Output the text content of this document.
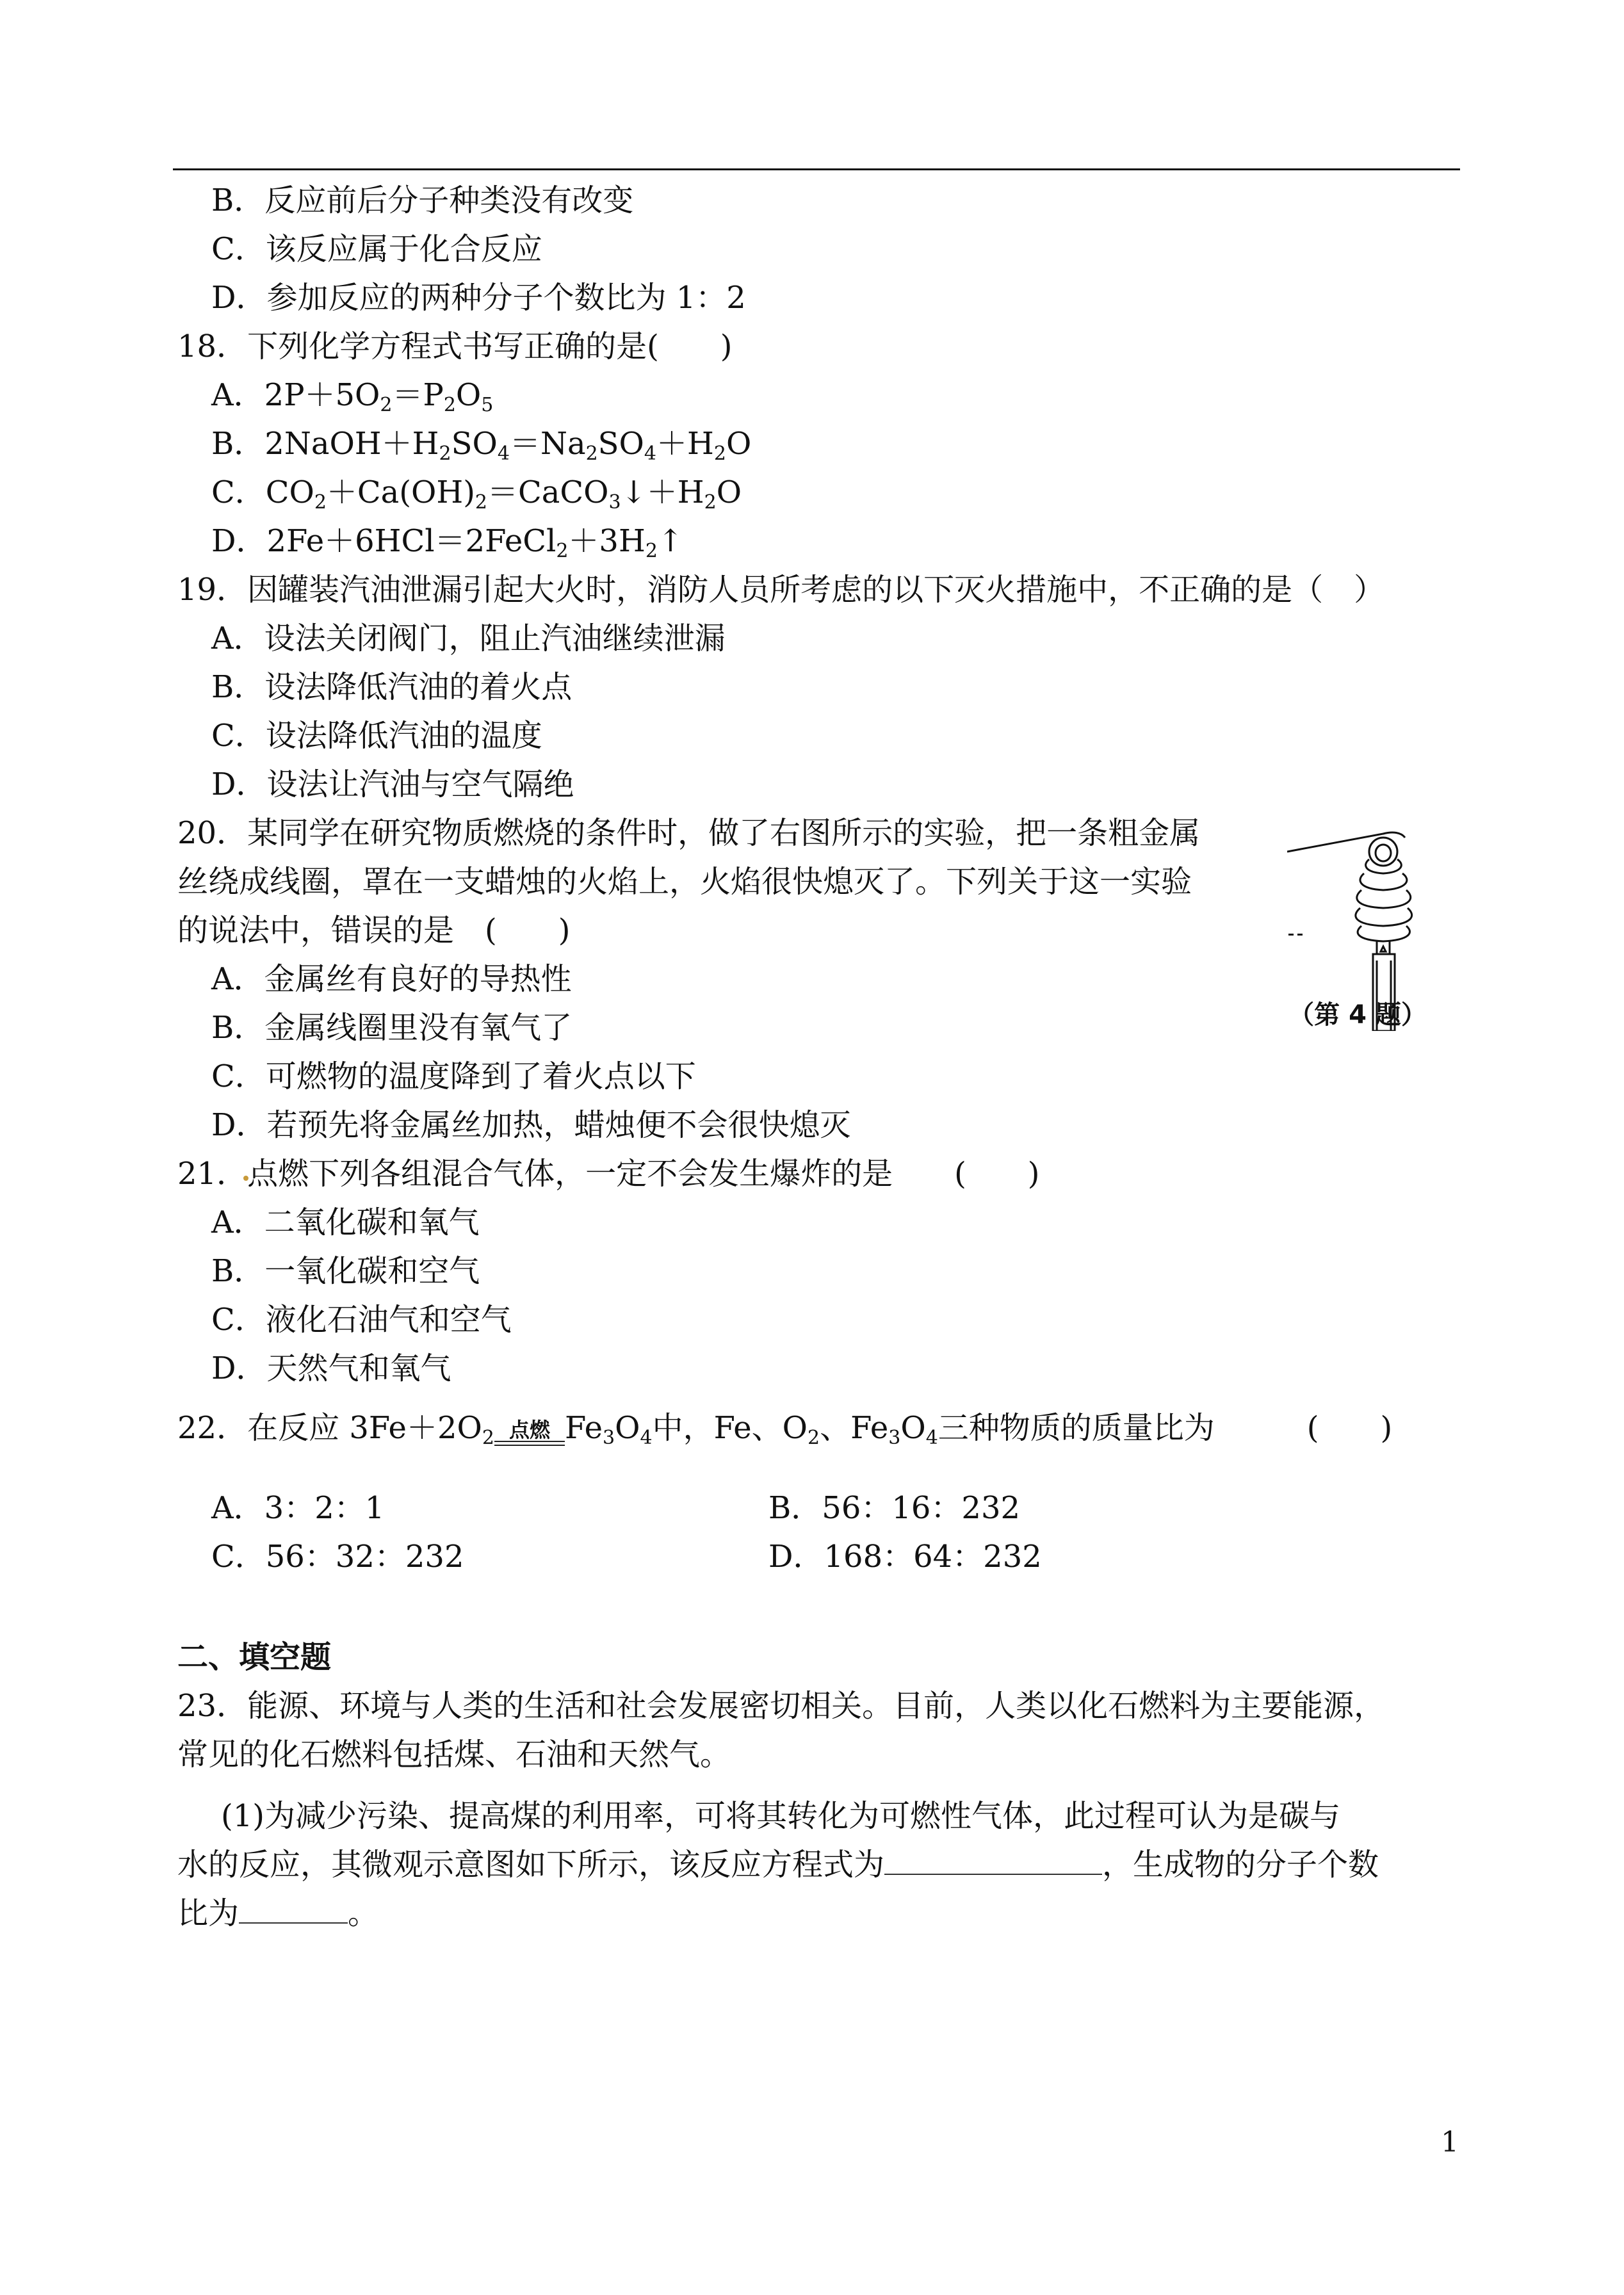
B．反应前后分子种类没有改变
C．该反应属于化合反应
D．参加反应的两种分子个数比为 1：2
18．下列化学方程式书写正确的是(　　)
A．$2P+5O_2=P_2O_5$
B．$2NaOH+H_2SO_4=Na_2SO_4+H_2O$
C．$CO_2+Ca(OH)_2=CaCO_3↓+H_2O$
D．$2Fe+6HCl=2FeCl_2+3H_2↑$
19．因罐装汽油泄漏引起大火时，消防人员所考虑的以下灭火措施中，不正确的是（　）
A．设法关闭阀门，阻止汽油继续泄漏
B．设法降低汽油的着火点
C．设法降低汽油的温度
D．设法让汽油与空气隔绝
20．某同学在研究物质燃烧的条件时，做了右图所示的实验，把一条粗金属
丝绕成线圈，罩在一支蜡烛的火焰上，火焰很快熄灭了。下列关于这一实验
的说法中，错误的是　(　　)
A．金属丝有良好的导热性
B．金属线圈里没有氧气了
C．可燃物的温度降到了着火点以下
D．若预先将金属丝加热，蜡烛便不会很快熄灭
（第 4 题）
21．点燃下列各组混合气体，一定不会发生爆炸的是　　(　　)
A．二氧化碳和氧气
B．一氧化碳和空气
C．液化石油气和空气
D．天然气和氧气
22．在反应 $3Fe+2O_2$ 点燃 $Fe_3O_4$中，Fe、$O_2$、$Fe_3O_4$三种物质的质量比为　　　(　　)
A．3：2：1	B．56：16：232
C．56：32：232	D．168：64：232
二、填空题
23．能源、环境与人类的生活和社会发展密切相关。目前，人类以化石燃料为主要能源，
常见的化石燃料包括煤、石油和天然气。
(1)为减少污染、提高煤的利用率，可将其转化为可燃性气体，此过程可认为是碳与
水的反应，其微观示意图如下所示，该反应方程式为	，生成物的分子个数
比为	。
1
